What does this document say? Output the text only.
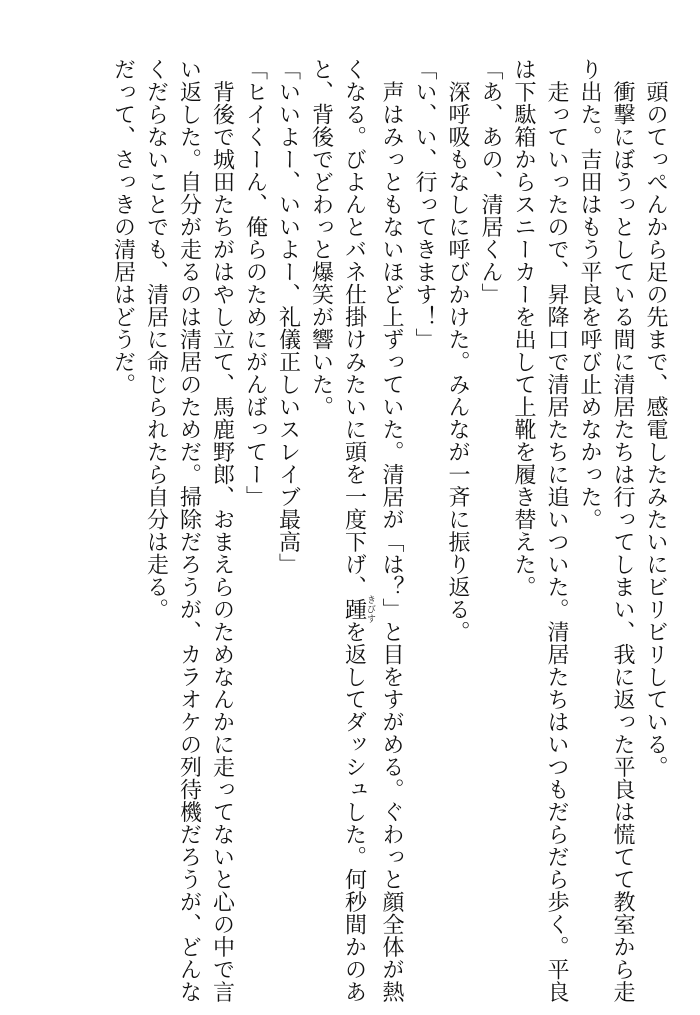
　頭のてっぺんから足の先まで、感電したみたいにビリビリしている。
　衝撃にぼうっとしている間に清居たちは行ってしまい、我に返った平良は慌てて教室から走
り出た。吉田はもう平良を呼び止めなかった。
　走っていったので、昇降口で清居たちに追いついた。清居たちはいつもだらだら歩く。平良
は下駄箱からスニーカーを出して上靴を履き替えた。
「あ、あの、清居くん」
　深呼吸もなしに呼びかけた。みんなが一斉に振り返る。
「い、い、行ってきます！」
　声はみっともないほど上ずっていた。清居が「は？」と目をすがめる。ぐわっと顔全体が熱
くなる。びよんとバネ仕掛けみたいに頭を一度下げ、踵きびすを返してダッシュした。何秒間かのあ
と、背後でどわっと爆笑が響いた。
「いいよー、いいよー、礼儀正しいスレイブ最高」
「ヒイくーん、俺らのためにがんばってー」
　背後で城田たちがはやし立て、馬鹿野郎、おまえらのためなんかに走ってないと心の中で言
い返した。自分が走るのは清居のためだ。掃除だろうが、カラオケの列待機だろうが、どんな
くだらないことでも、清居に命じられたら自分は走る。
だって、さっきの清居はどうだ。
